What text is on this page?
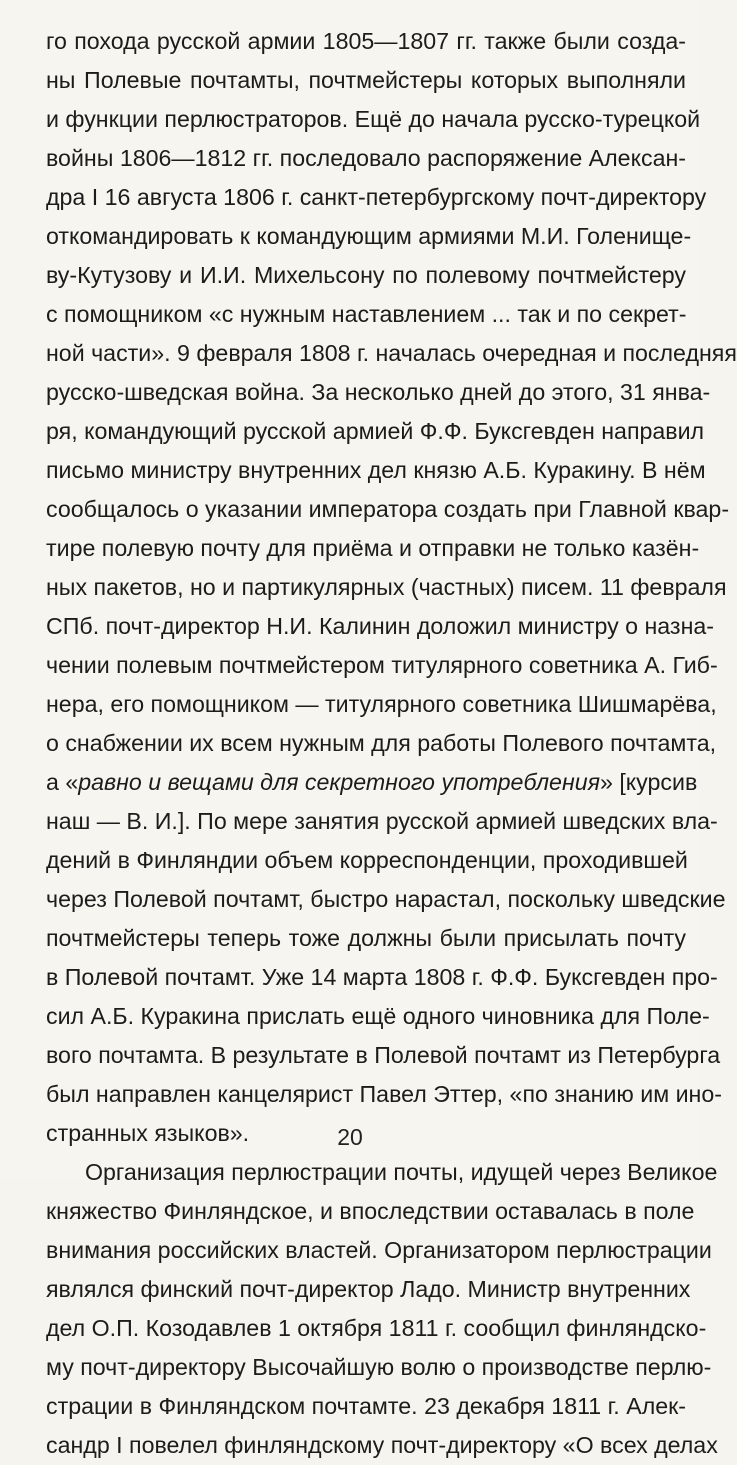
го похода русской армии 1805—1807 гг. также были созда-
ны Полевые почтамты, почтмейстеры которых выполняли
и функции перлюстраторов. Ещё до начала русско-турецкой
войны 1806—1812 гг. последовало распоряжение Алексан-
дра I 16 августа 1806 г. санкт-петербургскому почт-директору
откомандировать к командующим армиями М.И. Голенище-
ву-Кутузову и И.И. Михельсону по полевому почтмейстеру
с помощником «с нужным наставлением ... так и по секрет-
ной части». 9 февраля 1808 г. началась очередная и последняя
русско-шведская война. За несколько дней до этого, 31 янва-
ря, командующий русской армией Ф.Ф. Буксгевден направил
письмо министру внутренних дел князю А.Б. Куракину. В нём
сообщалось о указании императора создать при Главной квар-
тире полевую почту для приёма и отправки не только казён-
ных пакетов, но и партикулярных (частных) писем. 11 февраля
СПб. почт-директор Н.И. Калинин доложил министру о назна-
чении полевым почтмейстером титулярного советника А. Гиб-
нера, его помощником — титулярного советника Шишмарёва,
о снабжении их всем нужным для работы Полевого почтамта,
а «равно и вещами для секретного употребления» [курсив
наш — В. И.]. По мере занятия русской армией шведских вла-
дений в Финляндии объем корреспонденции, проходившей
через Полевой почтамт, быстро нарастал, поскольку шведские
почтмейстеры теперь тоже должны были присылать почту
в Полевой почтамт. Уже 14 марта 1808 г. Ф.Ф. Буксгевден про-
сил А.Б. Куракина прислать ещё одного чиновника для Поле-
вого почтамта. В результате в Полевой почтамт из Петербурга
был направлен канцелярист Павел Эттер, «по знанию им ино-
странных языков».
Организация перлюстрации почты, идущей через Великое
княжество Финляндское, и впоследствии оставалась в поле
внимания российских властей. Организатором перлюстрации
являлся финский почт-директор Ладо. Министр внутренних
дел О.П. Козодавлев 1 октября 1811 г. сообщил финляндско-
му почт-директору Высочайшую волю о производстве перлю-
страции в Финляндском почтамте. 23 декабря 1811 г. Алек-
сандр I повелел финляндскому почт-директору «О всех делах
20
